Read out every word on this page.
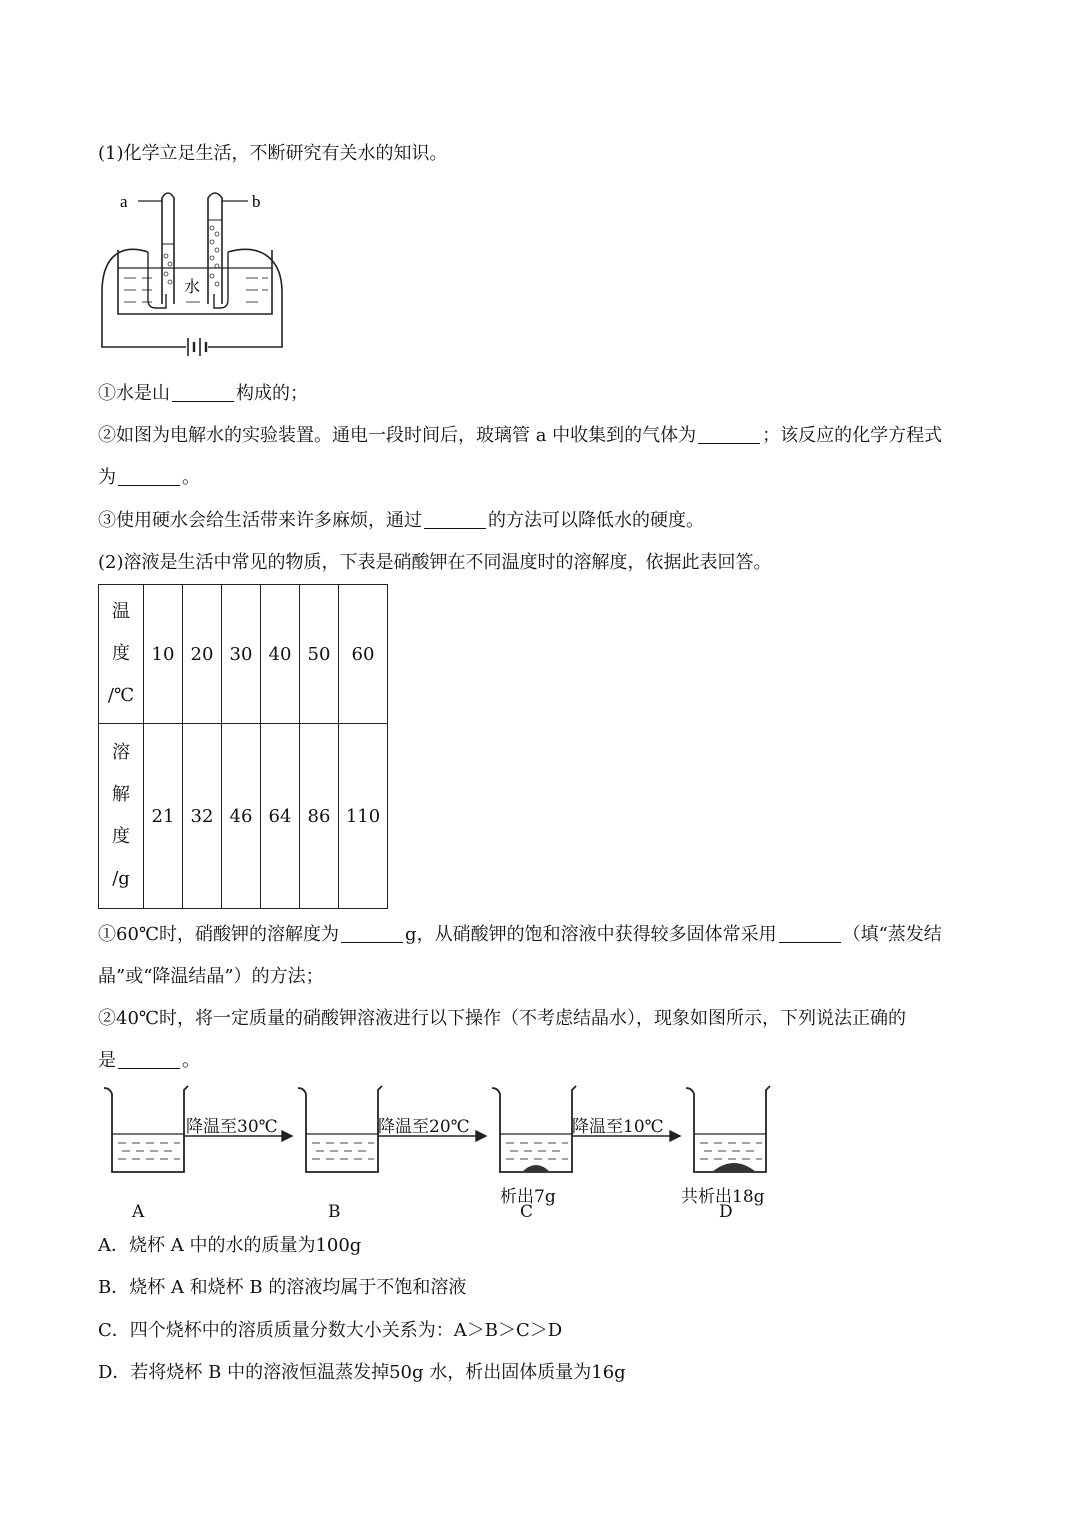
(1)化学立足生活，不断研究有关水的知识。
a	b
水
①水是山	构成的；
②如图为电解水的实验装置。通电一段时间后，玻璃管 a 中收集到的气体为	；该反应的化学方程式
为	。
③使用硬水会给生活带来许多麻烦，通过	的方法可以降低水的硬度。
(2)溶液是生活中常见的物质，下表是硝酸钾在不同温度时的溶解度，依据此表回答。
温
度
/℃	10	20	30	40	50	60

溶
解
度
/g	21	32	46	64	86	110
①60℃时，硝酸钾的溶解度为	g，从硝酸钾的饱和溶液中获得较多固体常采用	（填“蒸发结
晶”或“降温结晶”）的方法；
②40℃时，将一定质量的硝酸钾溶液进行以下操作（不考虑结晶水），现象如图所示，下列说法正确的
是	。
降温至30℃	降温至20℃	降温至10℃
析出7g	共析出18g
A	B	C	D
A．烧杯 A 中的水的质量为100g
B．烧杯 A 和烧杯 B 的溶液均属于不饱和溶液
C．四个烧杯中的溶质质量分数大小关系为：A＞B＞C＞D
D．若将烧杯 B 中的溶液恒温蒸发掉50g 水，析出固体质量为16g
